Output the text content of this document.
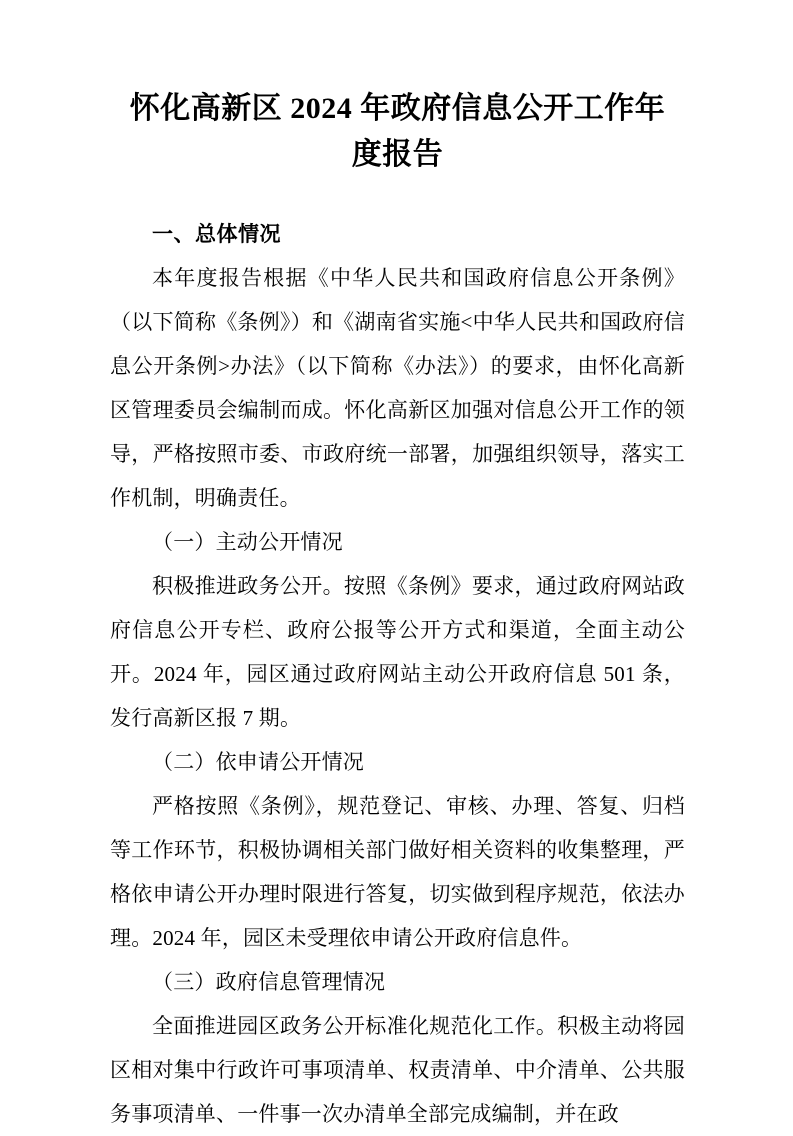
怀化高新区 2024 年政府信息公开工作年度报告
一、总体情况

本年度报告根据《中华人民共和国政府信息公开条例》（以下简称《条例》）和《湖南省实施<中华人民共和国政府信息公开条例>办法》（以下简称《办法》）的要求，由怀化高新区管理委员会编制而成。怀化高新区加强对信息公开工作的领导，严格按照市委、市政府统一部署，加强组织领导，落实工作机制，明确责任。

（一）主动公开情况

积极推进政务公开。按照《条例》要求，通过政府网站政府信息公开专栏、政府公报等公开方式和渠道，全面主动公开。2024 年，园区通过政府网站主动公开政府信息 501 条，发行高新区报 7 期。

（二）依申请公开情况

严格按照《条例》，规范登记、审核、办理、答复、归档等工作环节，积极协调相关部门做好相关资料的收集整理，严格依申请公开办理时限进行答复，切实做到程序规范，依法办理。2024 年，园区未受理依申请公开政府信息件。

（三）政府信息管理情况

全面推进园区政务公开标准化规范化工作。积极主动将园区相对集中行政许可事项清单、权责清单、中介清单、公共服务事项清单、一件事一次办清单全部完成编制，并在政
